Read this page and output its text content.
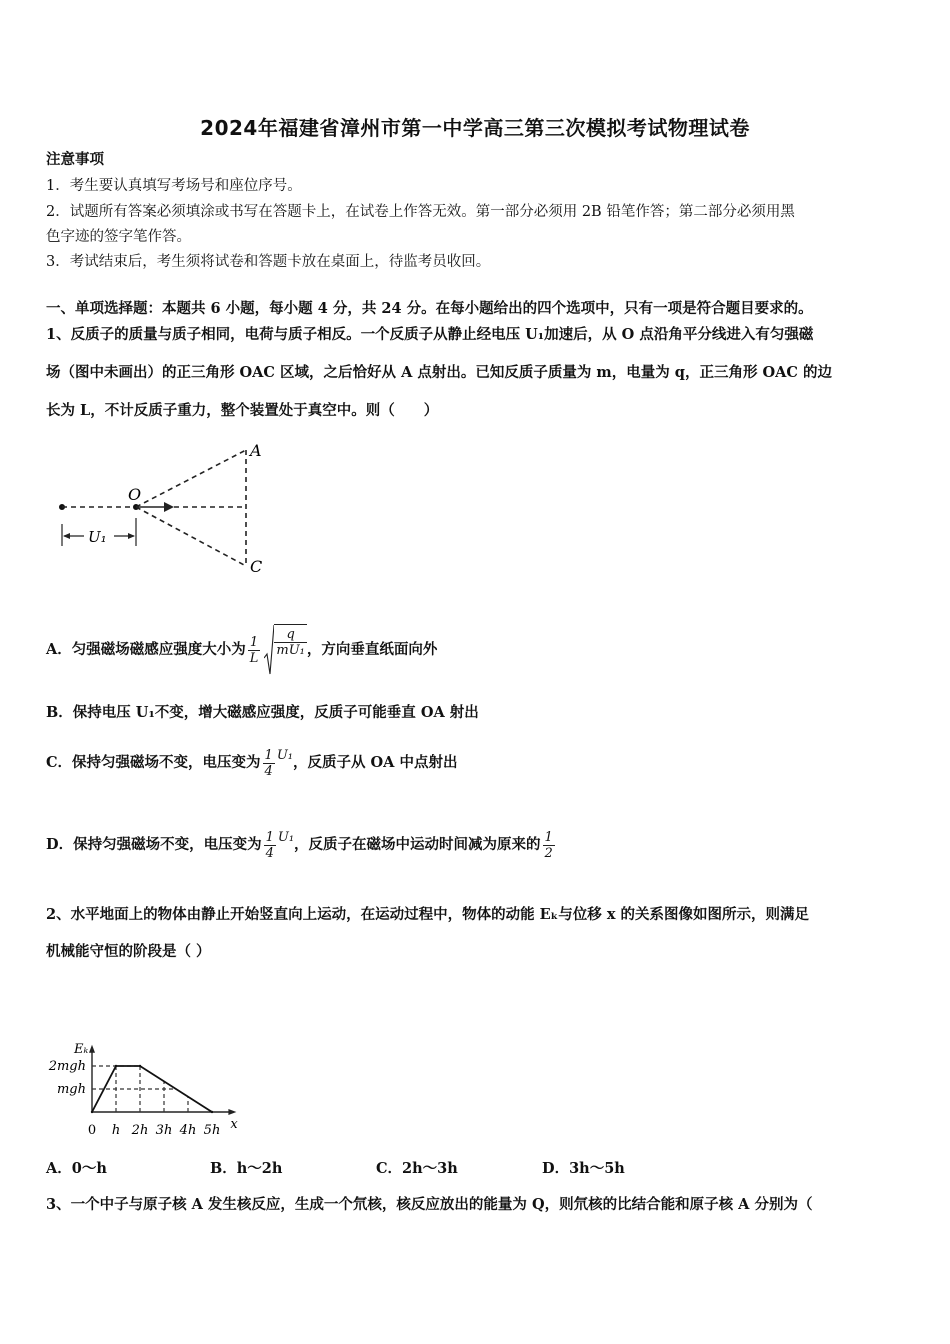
2024年福建省漳州市第一中学高三第三次模拟考试物理试卷
注意事项
1．考生要认真填写考场号和座位序号。
2．试题所有答案必须填涂或书写在答题卡上，在试卷上作答无效。第一部分必须用 2B 铅笔作答；第二部分必须用黑
色字迹的签字笔作答。
3．考试结束后，考生须将试卷和答题卡放在桌面上，待监考员收回。
一、单项选择题：本题共 6 小题，每小题 4 分，共 24 分。在每小题给出的四个选项中，只有一项是符合题目要求的。
1、反质子的质量与质子相同，电荷与质子相反。一个反质子从静止经电压 U₁加速后，从 O 点沿角平分线进入有匀强磁
场（图中未画出）的正三角形 OAC 区域，之后恰好从 A 点射出。已知反质子质量为 m，电量为 q，正三角形 OAC 的边
长为 L，不计反质子重力，整个装置处于真空中。则（　　）
O
A
C
U₁
A．匀强磁场磁感应强度大小为 $\frac{1}{L} \frac{q}{\text{mU₁}}$ ，方向垂直纸面向外
B．保持电压 U₁不变，增大磁感应强度，反质子可能垂直 OA 射出
C．保持匀强磁场不变，电压变为 $\frac{1}{4} U_1$ ，反质子从 OA 中点射出
D．保持匀强磁场不变，电压变为 $\frac{1}{4} U_1$ ，反质子在磁场中运动时间减为原来的 $\frac{1}{2}$
2、水平地面上的物体由静止开始竖直向上运动，在运动过程中，物体的动能 Eₖ与位移 x 的关系图像如图所示，则满足
机械能守恒的阶段是（ ）
Eₖ
x
0 h 2h 3h 4h 5h
mgh
2mgh
A．0～h	B．h～2h	C．2h～3h	D．3h～5h
3、一个中子与原子核 A 发生核反应，生成一个氘核，核反应放出的能量为 Q，则氘核的比结合能和原子核 A 分别为（
